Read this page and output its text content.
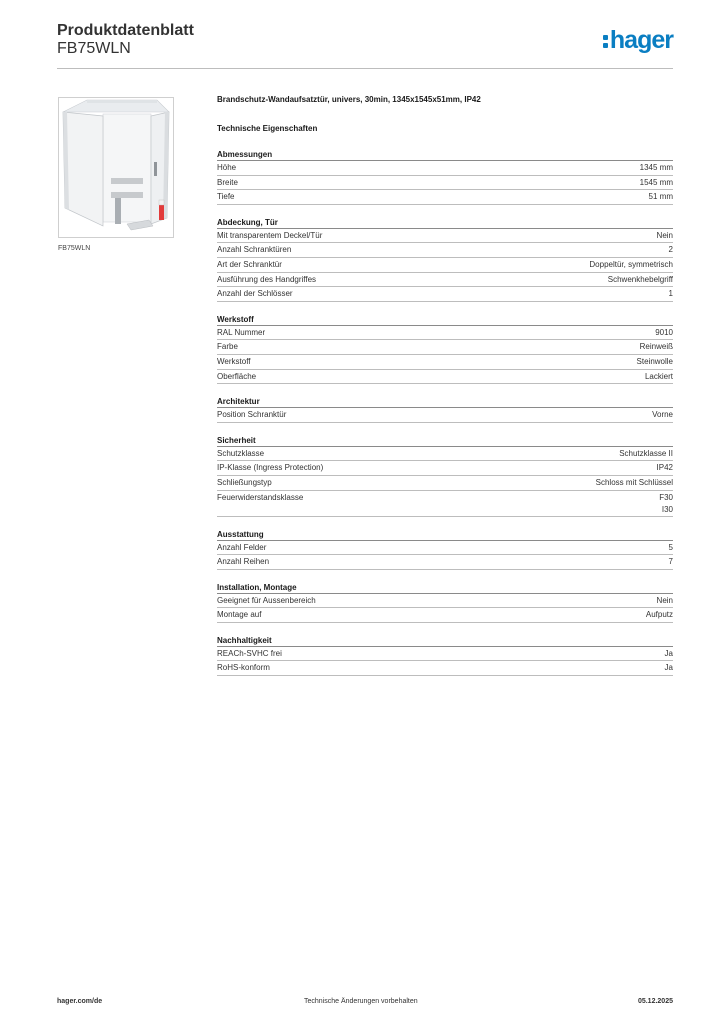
Produktdatenblatt
FB75WLN	hager
FB75WLN
Brandschutz-Wandaufsatztür, univers, 30min, 1345x1545x51mm, IP42
Technische Eigenschaften
Abmessungen
Höhe	1345 mm
Breite	1545 mm
Tiefe	51 mm
Abdeckung, Tür
Mit transparentem Deckel/Tür	Nein
Anzahl Schranktüren	2
Art der Schranktür	Doppeltür, symmetrisch
Ausführung des Handgriffes	Schwenkhebelgriff
Anzahl der Schlösser	1
Werkstoff
RAL Nummer	9010
Farbe	Reinweiß
Werkstoff	Steinwolle
Oberfläche	Lackiert
Architektur
Position Schranktür	Vorne
Sicherheit
Schutzklasse	Schutzklasse II
IP-Klasse (Ingress Protection)	IP42
Schließungstyp	Schloss mit Schlüssel
Feuerwiderstandsklasse	F30
I30
Ausstattung
Anzahl Felder	5
Anzahl Reihen	7
Installation, Montage
Geeignet für Aussenbereich	Nein
Montage auf	Aufputz
Nachhaltigkeit
REACh-SVHC frei	Ja
RoHS-konform	Ja
hager.com/de	Technische Änderungen vorbehalten	05.12.2025
